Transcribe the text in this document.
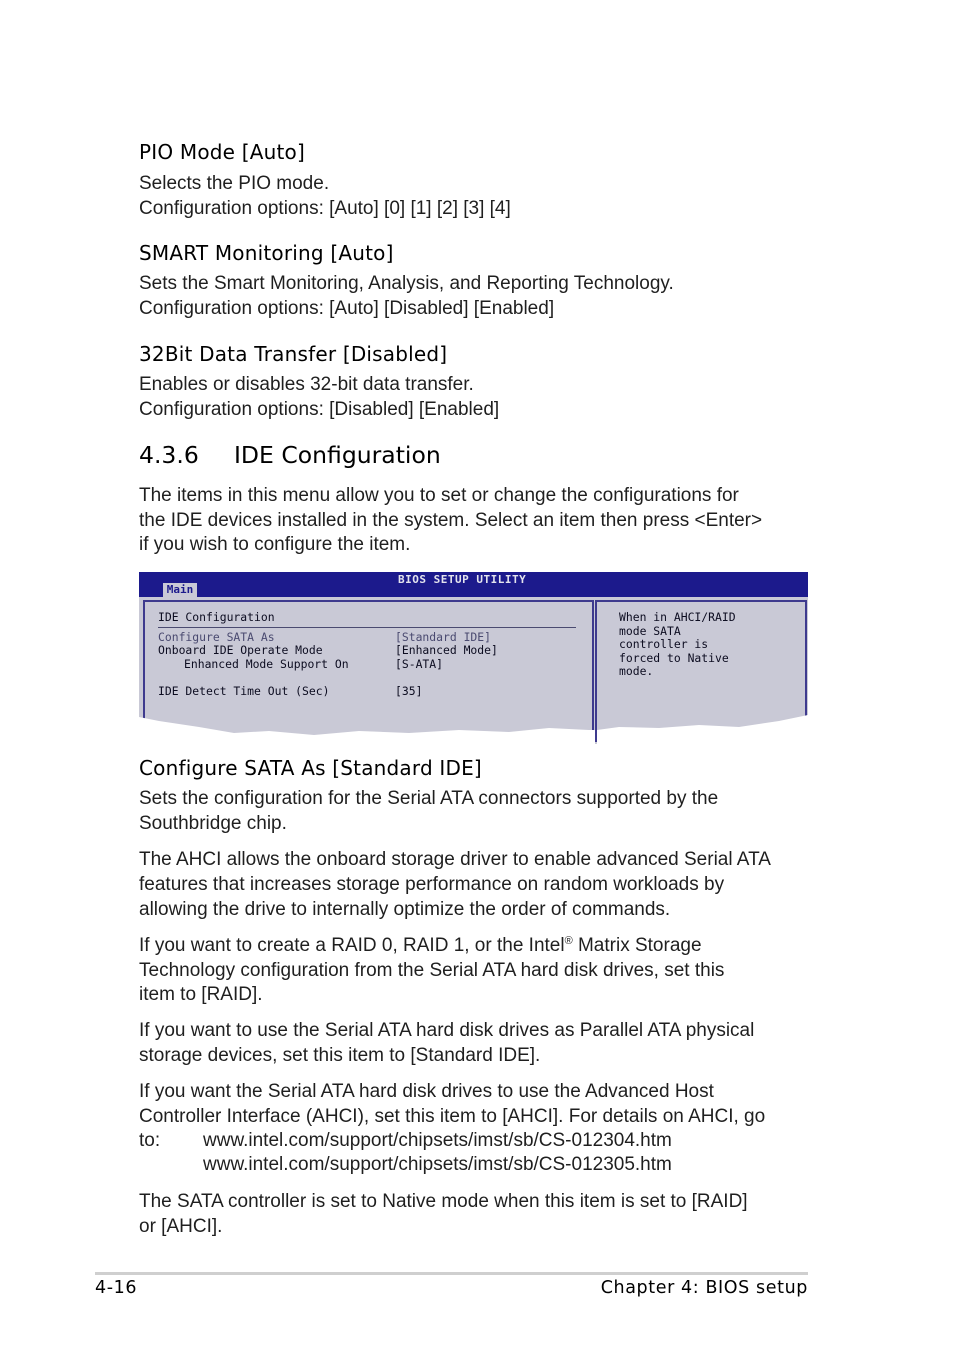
PIO Mode [Auto]
Selects the PIO mode.
Configuration options: [Auto] [0] [1] [2] [3] [4]
SMART Monitoring [Auto]
Sets the Smart Monitoring, Analysis, and Reporting Technology.
Configuration options: [Auto] [Disabled] [Enabled]
32Bit Data Transfer [Disabled]
Enables or disables 32-bit data transfer.
Configuration options: [Disabled] [Enabled]
4.3.6 IDE Configuration
The items in this menu allow you to set or change the configurations for
the IDE devices installed in the system. Select an item then press <Enter>
if you wish to configure the item.
BIOS SETUP UTILITY
Main
IDE Configuration
Configure SATA As	[Standard IDE]
Onboard IDE Operate Mode	[Enhanced Mode]
Enhanced Mode Support On	[S-ATA]
IDE Detect Time Out (Sec)	[35]
When in AHCI/RAID
mode SATA
controller is
forced to Native
mode.
Configure SATA As [Standard IDE]
Sets the configuration for the Serial ATA connectors supported by the
Southbridge chip.
The AHCI allows the onboard storage driver to enable advanced Serial ATA
features that increases storage performance on random workloads by
allowing the drive to internally optimize the order of commands.
If you want to create a RAID 0, RAID 1, or the Intel® Matrix Storage
Technology configuration from the Serial ATA hard disk drives, set this
item to [RAID].
If you want to use the Serial ATA hard disk drives as Parallel ATA physical
storage devices, set this item to [Standard IDE].
If you want the Serial ATA hard disk drives to use the Advanced Host
Controller Interface (AHCI), set this item to [AHCI]. For details on AHCI, go
to: www.intel.com/support/chipsets/imst/sb/CS-012304.htm
www.intel.com/support/chipsets/imst/sb/CS-012305.htm
The SATA controller is set to Native mode when this item is set to [RAID]
or [AHCI].
4-16	Chapter 4: BIOS setup
